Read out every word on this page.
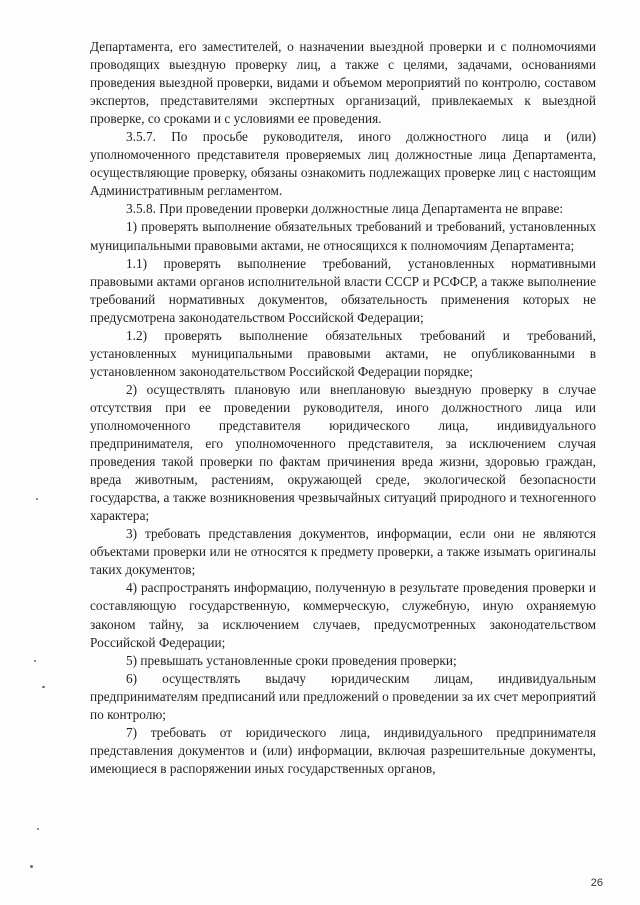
Департамента, его заместителей, о назначении выездной проверки и с полномочиями проводящих выездную проверку лиц, а также с целями, задачами, основаниями проведения выездной проверки, видами и объемом мероприятий по контролю, составом экспертов, представителями экспертных организаций, привлекаемых к выездной проверке, со сроками и с условиями ее проведения.

3.5.7. По просьбе руководителя, иного должностного лица и (или) уполномоченного представителя проверяемых лиц должностные лица Департамента, осуществляющие проверку, обязаны ознакомить подлежащих проверке лиц с настоящим Административным регламентом.

3.5.8. При проведении проверки должностные лица Департамента не вправе:

1) проверять выполнение обязательных требований и требований, установленных муниципальными правовыми актами, не относящихся к полномочиям Департамента;

1.1) проверять выполнение требований, установленных нормативными правовыми актами органов исполнительной власти СССР и РСФСР, а также выполнение требований нормативных документов, обязательность применения которых не предусмотрена законодательством Российской Федерации;

1.2) проверять выполнение обязательных требований и требований, установленных муниципальными правовыми актами, не опубликованными в установленном законодательством Российской Федерации порядке;

2) осуществлять плановую или внеплановую выездную проверку в случае отсутствия при ее проведении руководителя, иного должностного лица или уполномоченного представителя юридического лица, индивидуального предпринимателя, его уполномоченного представителя, за исключением случая проведения такой проверки по фактам причинения вреда жизни, здоровью граждан, вреда животным, растениям, окружающей среде, экологической безопасности государства, а также возникновения чрезвычайных ситуаций природного и техногенного характера;

3) требовать представления документов, информации, если они не являются объектами проверки или не относятся к предмету проверки, а также изымать оригиналы таких документов;

4) распространять информацию, полученную в результате проведения проверки и составляющую государственную, коммерческую, служебную, иную охраняемую законом тайну, за исключением случаев, предусмотренных законодательством Российской Федерации;

5) превышать установленные сроки проведения проверки;

6) осуществлять выдачу юридическим лицам, индивидуальным предпринимателям предписаний или предложений о проведении за их счет мероприятий по контролю;

7) требовать от юридического лица, индивидуального предпринимателя представления документов и (или) информации, включая разрешительные документы, имеющиеся в распоряжении иных государственных органов,

26
